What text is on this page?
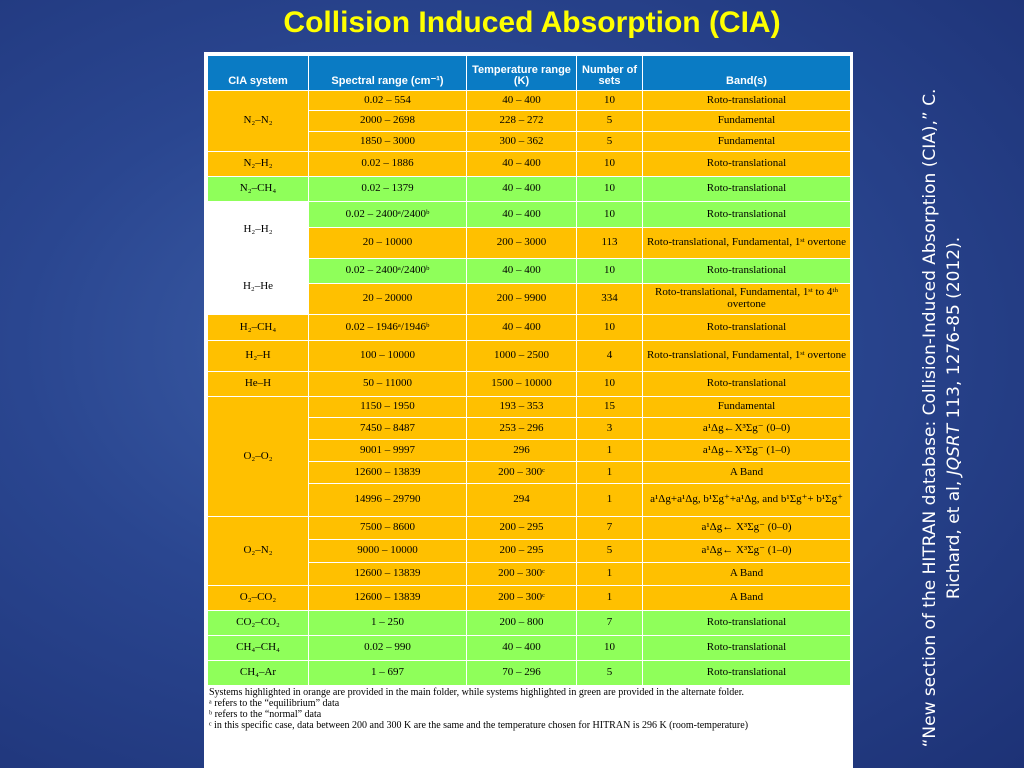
Collision Induced Absorption (CIA)
CIA system	Spectral range (cm⁻¹)	Temperature range (K)	Number of sets	Band(s)
N₂–N₂	0.02 – 554	40 – 400	10	Roto-translational
	2000 – 2698	228 – 272	5	Fundamental
	1850 – 3000	300 – 362	5	Fundamental
N₂–H₂	0.02 – 1886	40 – 400	10	Roto-translational
N₂–CH₄	0.02 – 1379	40 – 400	10	Roto-translational
H₂–H₂	0.02 – 2400ᵃ/2400ᵇ	40 – 400	10	Roto-translational
	20 – 10000	200 – 3000	113	Roto-translational, Fundamental, 1ˢᵗ overtone
H₂–He	0.02 – 2400ᵃ/2400ᵇ	40 – 400	10	Roto-translational
	20 – 20000	200 – 9900	334	Roto-translational, Fundamental, 1ˢᵗ to 4ᵗʰ overtone
H₂–CH₄	0.02 – 1946ᵃ/1946ᵇ	40 – 400	10	Roto-translational
H₂–H	100 – 10000	1000 – 2500	4	Roto-translational, Fundamental, 1ˢᵗ overtone
He–H	50 – 11000	1500 – 10000	10	Roto-translational
O₂–O₂	1150 – 1950	193 – 353	15	Fundamental
	7450 – 8487	253 – 296	3	a¹Δg←X³Σg⁻ (0–0)
	9001 – 9997	296	1	a¹Δg←X³Σg⁻ (1–0)
	12600 – 13839	200 – 300ᶜ	1	A Band
	14996 – 29790	294	1	a¹Δg+a¹Δg, b¹Σg⁺+a¹Δg, and b¹Σg⁺+ b¹Σg⁺
O₂–N₂	7500 – 8600	200 – 295	7	a¹Δg← X³Σg⁻ (0–0)
	9000 – 10000	200 – 295	5	a¹Δg← X³Σg⁻ (1–0)
	12600 – 13839	200 – 300ᶜ	1	A Band
O₂–CO₂	12600 – 13839	200 – 300ᶜ	1	A Band
CO₂–CO₂	1 – 250	200 – 800	7	Roto-translational
CH₄–CH₄	0.02 – 990	40 – 400	10	Roto-translational
CH₄–Ar	1 – 697	70 – 296	5	Roto-translational
Systems highlighted in orange are provided in the main folder, while systems highlighted in green are provided in the alternate folder.
ᵃ refers to the “equilibrium” data
ᵇ refers to the “normal” data
ᶜ in this specific case, data between 200 and 300 K are the same and the temperature chosen for HITRAN is 296 K (room-temperature)	“New section of the HITRAN database: Collision-Induced Absorption (CIA),” C. Richard, et al, JQSRT 113, 1276-85 (2012).
